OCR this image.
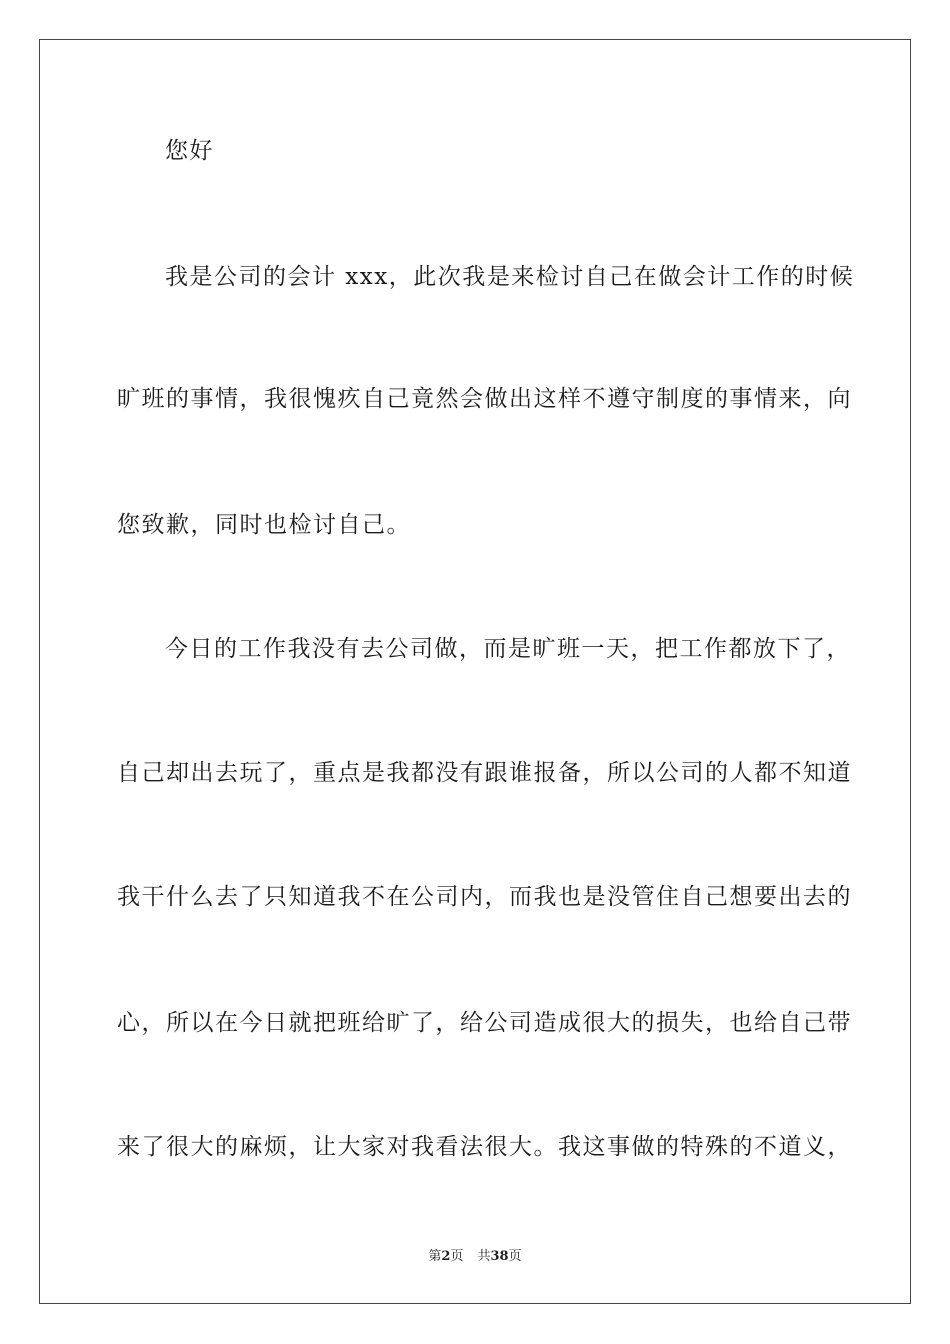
您好
我是公司的会计 xxx，此次我是来检讨自己在做会计工作的时候
旷班的事情，我很愧疚自己竟然会做出这样不遵守制度的事情来，向
您致歉，同时也检讨自己。
今日的工作我没有去公司做，而是旷班一天，把工作都放下了，
自己却出去玩了，重点是我都没有跟谁报备，所以公司的人都不知道
我干什么去了只知道我不在公司内，而我也是没管住自己想要出去的
心，所以在今日就把班给旷了，给公司造成很大的损失，也给自己带
来了很大的麻烦，让大家对我看法很大。我这事做的特殊的不道义，
第2页 共38页
